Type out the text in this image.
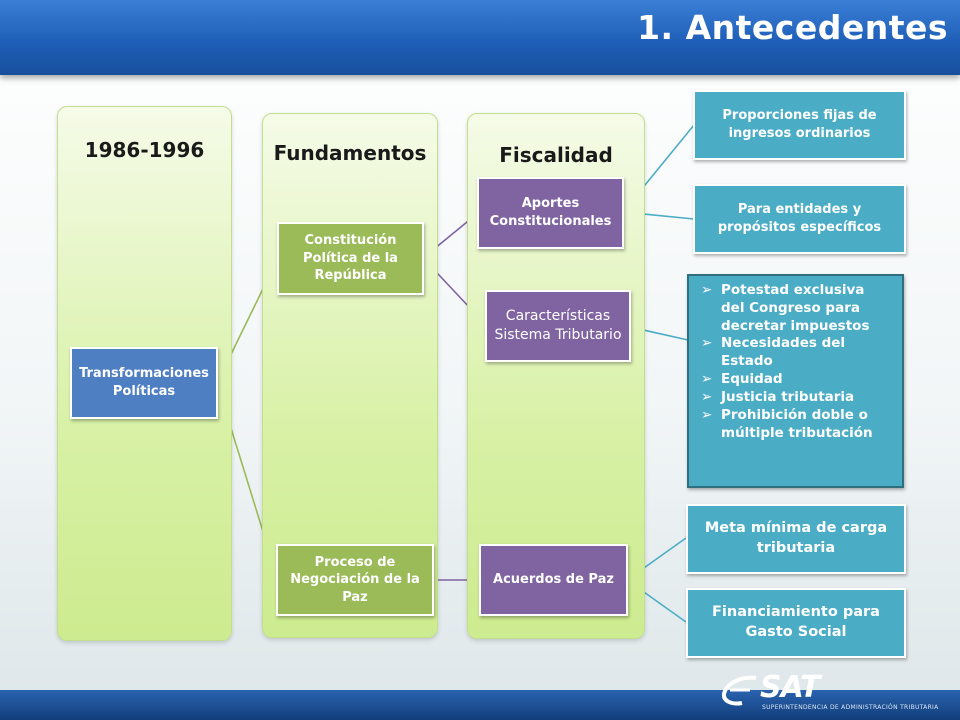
1. Antecedentes
1986-1996	Fundamentos	Fiscalidad
Transformaciones Políticas
Constitución Política de la República
Proceso de Negociación de la Paz
Aportes Constitucionales
Características Sistema Tributario
Acuerdos de Paz
Proporciones fijas de ingresos ordinarios
Para entidades y propósitos específicos
➢ Potestad exclusiva del Congreso para decretar impuestos
➢ Necesidades del Estado
➢ Equidad
➢ Justicia tributaria
➢ Prohibición doble o múltiple tributación
Meta mínima de carga tributaria
Financiamiento para Gasto Social
SAT
SUPERINTENDENCIA DE ADMINISTRACIÓN TRIBUTARIA
